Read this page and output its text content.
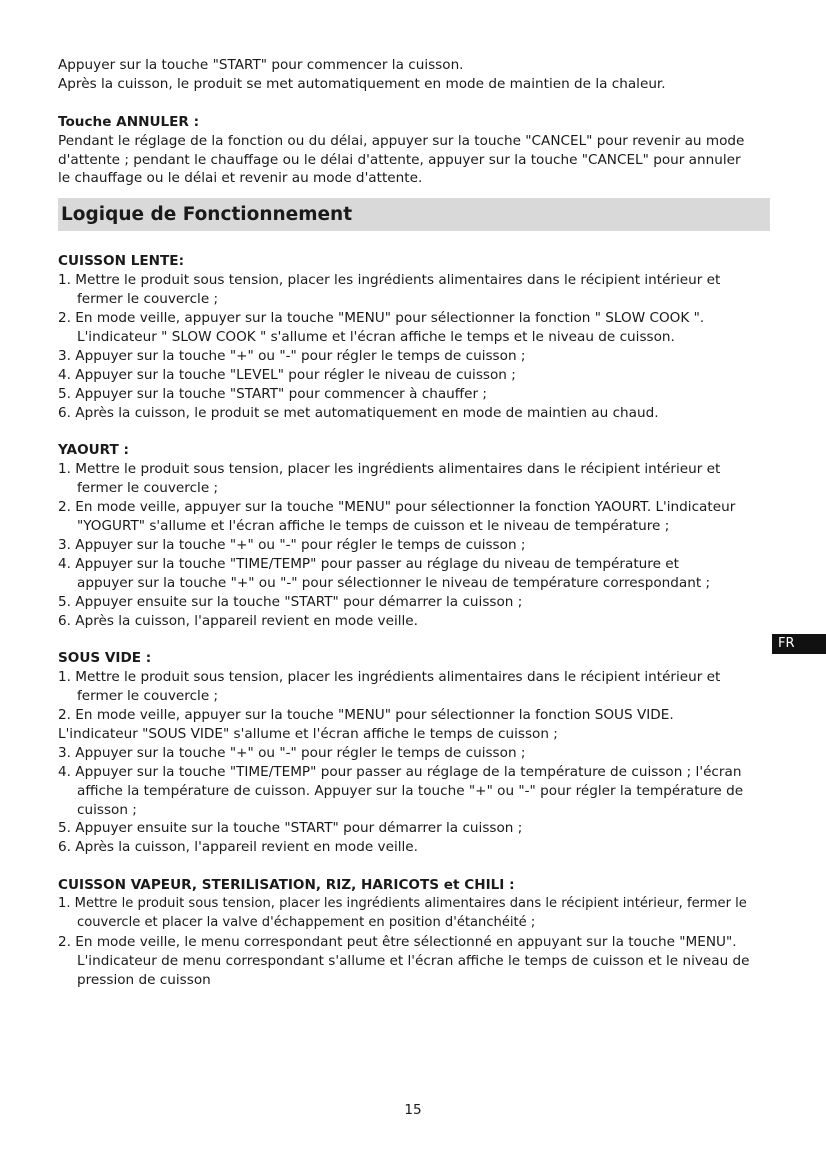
Appuyer sur la touche "START" pour commencer la cuisson.

Après la cuisson, le produit se met automatiquement en mode de maintien de la chaleur.

Touche ANNULER :

Pendant le réglage de la fonction ou du délai, appuyer sur la touche "CANCEL" pour revenir au mode d'attente ; pendant le chauffage ou le délai d'attente, appuyer sur la touche "CANCEL" pour annuler le chauffage ou le délai et revenir au mode d'attente.

Logique de Fonctionnement

CUISSON LENTE:

1. Mettre le produit sous tension, placer les ingrédients alimentaires dans le récipient intérieur et fermer le couvercle ;

2. En mode veille, appuyer sur la touche "MENU" pour sélectionner la fonction " SLOW COOK ". L'indicateur " SLOW COOK " s'allume et l'écran affiche le temps et le niveau de cuisson.

3. Appuyer sur la touche "+" ou "-" pour régler le temps de cuisson ;

4. Appuyer sur la touche "LEVEL" pour régler le niveau de cuisson ;

5. Appuyer sur la touche "START" pour commencer à chauffer ;

6. Après la cuisson, le produit se met automatiquement en mode de maintien au chaud.

YAOURT :

1. Mettre le produit sous tension, placer les ingrédients alimentaires dans le récipient intérieur et fermer le couvercle ;

2. En mode veille, appuyer sur la touche "MENU" pour sélectionner la fonction YAOURT. L'indicateur "YOGURT" s'allume et l'écran affiche le temps de cuisson et le niveau de température ;

3. Appuyer sur la touche "+" ou "-" pour régler le temps de cuisson ;

4. Appuyer sur la touche "TIME/TEMP" pour passer au réglage du niveau de température et appuyer sur la touche "+" ou "-" pour sélectionner le niveau de température correspondant ;

5. Appuyer ensuite sur la touche "START" pour démarrer la cuisson ;

6. Après la cuisson, l'appareil revient en mode veille.

SOUS VIDE :

1. Mettre le produit sous tension, placer les ingrédients alimentaires dans le récipient intérieur et fermer le couvercle ;

2. En mode veille, appuyer sur la touche "MENU" pour sélectionner la fonction SOUS VIDE.

L'indicateur "SOUS VIDE" s'allume et l'écran affiche le temps de cuisson ;

3. Appuyer sur la touche "+" ou "-" pour régler le temps de cuisson ;

4. Appuyer sur la touche "TIME/TEMP" pour passer au réglage de la température de cuisson ; l'écran affiche la température de cuisson. Appuyer sur la touche "+" ou "-" pour régler la température de cuisson ;

5. Appuyer ensuite sur la touche "START" pour démarrer la cuisson ;

6. Après la cuisson, l'appareil revient en mode veille.

CUISSON VAPEUR, STERILISATION, RIZ, HARICOTS et CHILI :

1. Mettre le produit sous tension, placer les ingrédients alimentaires dans le récipient intérieur, fermer le couvercle et placer la valve d'échappement en position d'étanchéité ;

2. En mode veille, le menu correspondant peut être sélectionné en appuyant sur la touche "MENU". L'indicateur de menu correspondant s'allume et l'écran affiche le temps de cuisson et le niveau de pression de cuisson

FR
15
